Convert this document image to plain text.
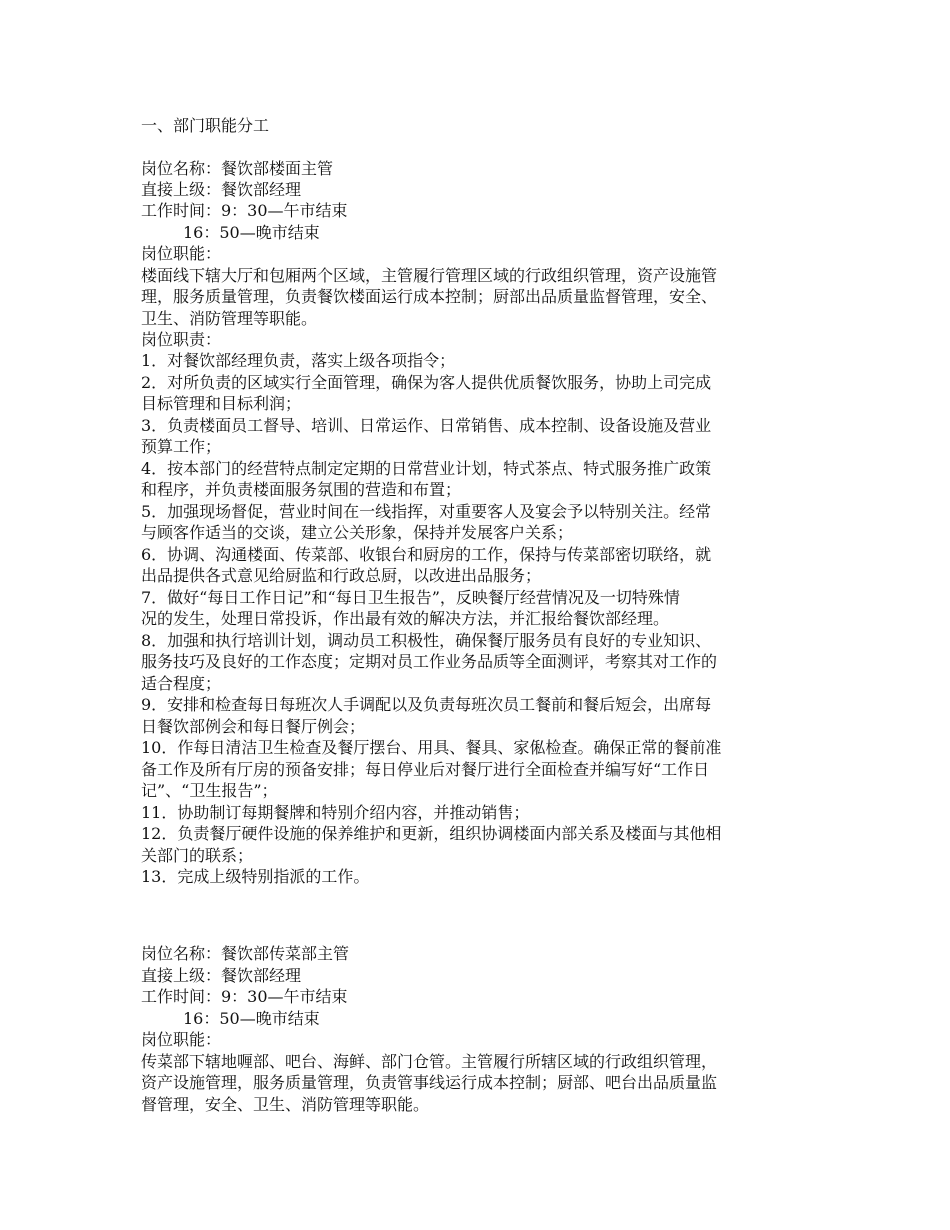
一、部门职能分工
岗位名称：餐饮部楼面主管
直接上级：餐饮部经理
工作时间：9：30—午市结束
16：50—晚市结束
岗位职能：
楼面线下辖大厅和包厢两个区域，主管履行管理区域的行政组织管理，资产设施管
理，服务质量管理，负责餐饮楼面运行成本控制；厨部出品质量监督管理，安全、
卫生、消防管理等职能。
岗位职责：
1．对餐饮部经理负责，落实上级各项指令；
2．对所负责的区域实行全面管理，确保为客人提供优质餐饮服务，协助上司完成
目标管理和目标利润；
3．负责楼面员工督导、培训、日常运作、日常销售、成本控制、设备设施及营业
预算工作；
4．按本部门的经营特点制定定期的日常营业计划，特式茶点、特式服务推广政策
和程序，并负责楼面服务氛围的营造和布置；
5．加强现场督促，营业时间在一线指挥，对重要客人及宴会予以特别关注。经常
与顾客作适当的交谈，建立公关形象，保持并发展客户关系；
6．协调、沟通楼面、传菜部、收银台和厨房的工作，保持与传菜部密切联络，就
出品提供各式意见给厨监和行政总厨，以改进出品服务；
7．做好“每日工作日记”和“每日卫生报告”，反映餐厅经营情况及一切特殊情
况的发生，处理日常投诉，作出最有效的解决方法，并汇报给餐饮部经理。
8．加强和执行培训计划，调动员工积极性，确保餐厅服务员有良好的专业知识、
服务技巧及良好的工作态度；定期对员工作业务品质等全面测评，考察其对工作的
适合程度；
9．安排和检查每日每班次人手调配以及负责每班次员工餐前和餐后短会，出席每
日餐饮部例会和每日餐厅例会；
10．作每日清洁卫生检查及餐厅摆台、用具、餐具、家俬检查。确保正常的餐前准
备工作及所有厅房的预备安排；每日停业后对餐厅进行全面检查并编写好“工作日
记”、“卫生报告”；
11．协助制订每期餐牌和特别介绍内容，并推动销售；
12．负责餐厅硬件设施的保养维护和更新，组织协调楼面内部关系及楼面与其他相
关部门的联系；
13．完成上级特别指派的工作。
岗位名称：餐饮部传菜部主管
直接上级：餐饮部经理
工作时间：9：30—午市结束
16：50—晚市结束
岗位职能：
传菜部下辖地喱部、吧台、海鲜、部门仓管。主管履行所辖区域的行政组织管理，
资产设施管理，服务质量管理，负责管事线运行成本控制；厨部、吧台出品质量监
督管理，安全、卫生、消防管理等职能。
